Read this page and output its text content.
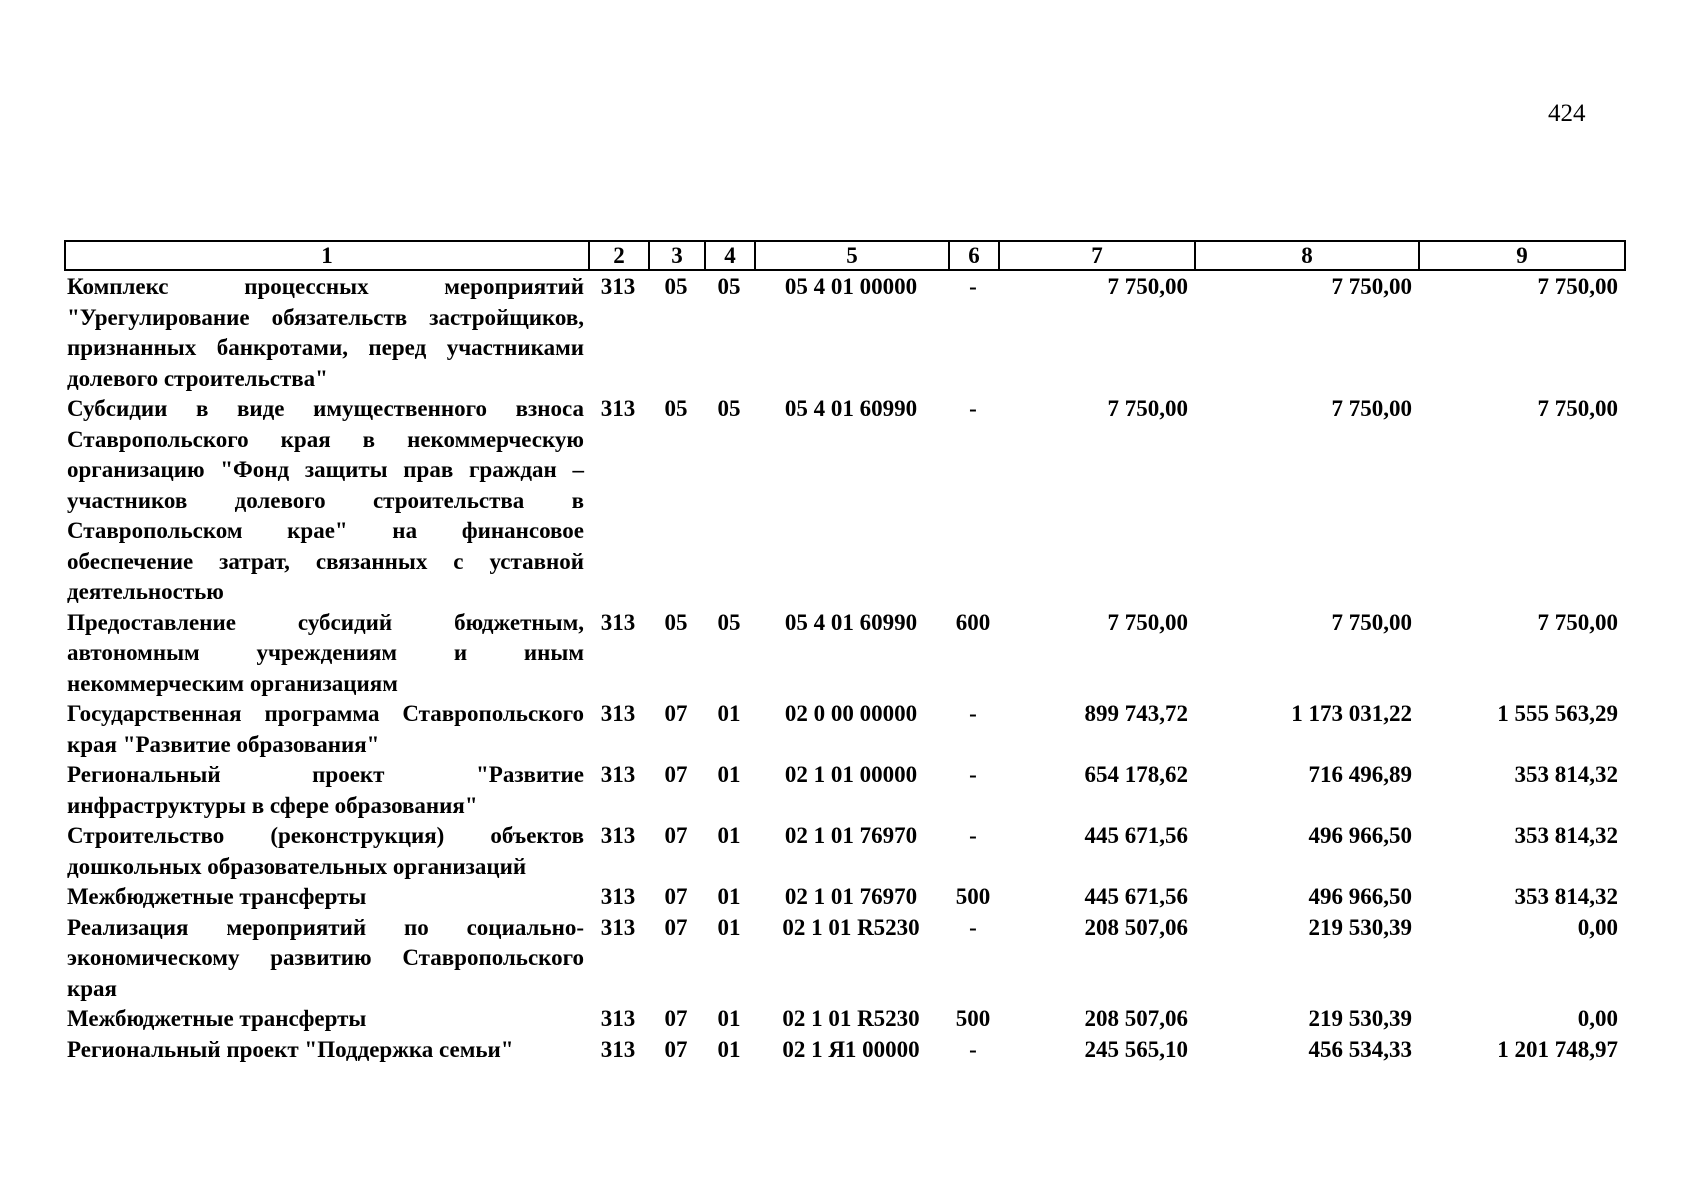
424
1	2	3	4	5	6	7	8	9
Комплекс процессных мероприятий "Урегулирование обязательств застройщиков, признанных банкротами, перед участниками долевого строительства"	313	05	05	05 4 01 00000	-	7 750,00	7 750,00	7 750,00
Субсидии в виде имущественного взноса Ставропольского края в некоммерческую организацию "Фонд защиты прав граждан – участников долевого строительства в Ставропольском крае" на финансовое обеспечение затрат, связанных с уставной деятельностью	313	05	05	05 4 01 60990	-	7 750,00	7 750,00	7 750,00
Предоставление субсидий бюджетным, автономным учреждениям и иным некоммерческим организациям	313	05	05	05 4 01 60990	600	7 750,00	7 750,00	7 750,00
Государственная программа Ставропольского края "Развитие образования"	313	07	01	02 0 00 00000	-	899 743,72	1 173 031,22	1 555 563,29
Региональный проект "Развитие инфраструктуры в сфере образования"	313	07	01	02 1 01 00000	-	654 178,62	716 496,89	353 814,32
Строительство (реконструкция) объектов дошкольных образовательных организаций	313	07	01	02 1 01 76970	-	445 671,56	496 966,50	353 814,32
Межбюджетные трансферты	313	07	01	02 1 01 76970	500	445 671,56	496 966,50	353 814,32
Реализация мероприятий по социально-экономическому развитию Ставропольского края	313	07	01	02 1 01 R5230	-	208 507,06	219 530,39	0,00
Межбюджетные трансферты	313	07	01	02 1 01 R5230	500	208 507,06	219 530,39	0,00
Региональный проект "Поддержка семьи"	313	07	01	02 1 Я1 00000	-	245 565,10	456 534,33	1 201 748,97
